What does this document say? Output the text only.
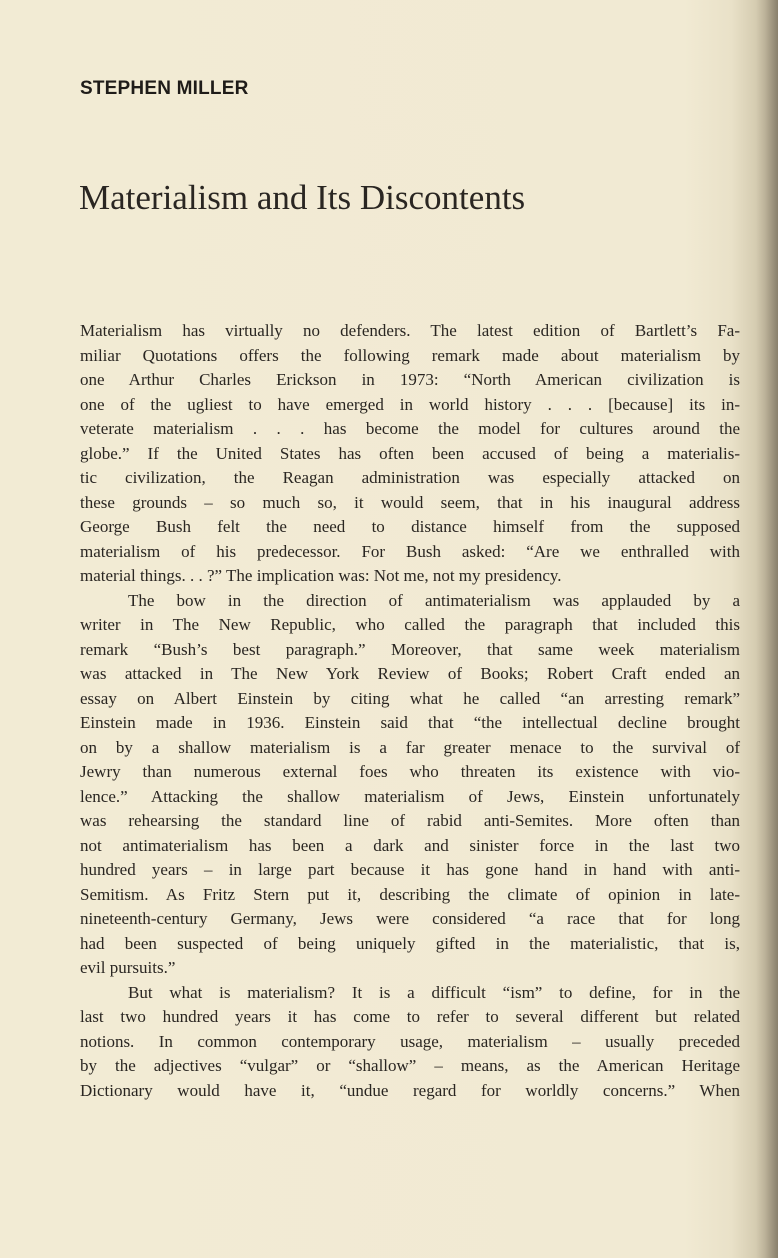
STEPHEN MILLER
Materialism and Its Discontents
Materialism has virtually no defenders. The latest edition of Bartlett’s Fa-
miliar Quotations offers the following remark made about materialism by
one Arthur Charles Erickson in 1973: “North American civilization is
one of the ugliest to have emerged in world history . . . [because] its in-
veterate materialism . . . has become the model for cultures around the
globe.” If the United States has often been accused of being a materialis-
tic civilization, the Reagan administration was especially attacked on
these grounds – so much so, it would seem, that in his inaugural address
George Bush felt the need to distance himself from the supposed
materialism of his predecessor. For Bush asked: “Are we enthralled with
material things. . . ?” The implication was: Not me, not my presidency.
The bow in the direction of antimaterialism was applauded by a
writer in The New Republic, who called the paragraph that included this
remark “Bush’s best paragraph.” Moreover, that same week materialism
was attacked in The New York Review of Books; Robert Craft ended an
essay on Albert Einstein by citing what he called “an arresting remark”
Einstein made in 1936. Einstein said that “the intellectual decline brought
on by a shallow materialism is a far greater menace to the survival of
Jewry than numerous external foes who threaten its existence with vio-
lence.” Attacking the shallow materialism of Jews, Einstein unfortunately
was rehearsing the standard line of rabid anti-Semites. More often than
not antimaterialism has been a dark and sinister force in the last two
hundred years – in large part because it has gone hand in hand with anti-
Semitism. As Fritz Stern put it, describing the climate of opinion in late-
nineteenth-century Germany, Jews were considered “a race that for long
had been suspected of being uniquely gifted in the materialistic, that is,
evil pursuits.”
But what is materialism? It is a difficult “ism” to define, for in the
last two hundred years it has come to refer to several different but related
notions. In common contemporary usage, materialism – usually preceded
by the adjectives “vulgar” or “shallow” – means, as the American Heritage
Dictionary would have it, “undue regard for worldly concerns.” When
